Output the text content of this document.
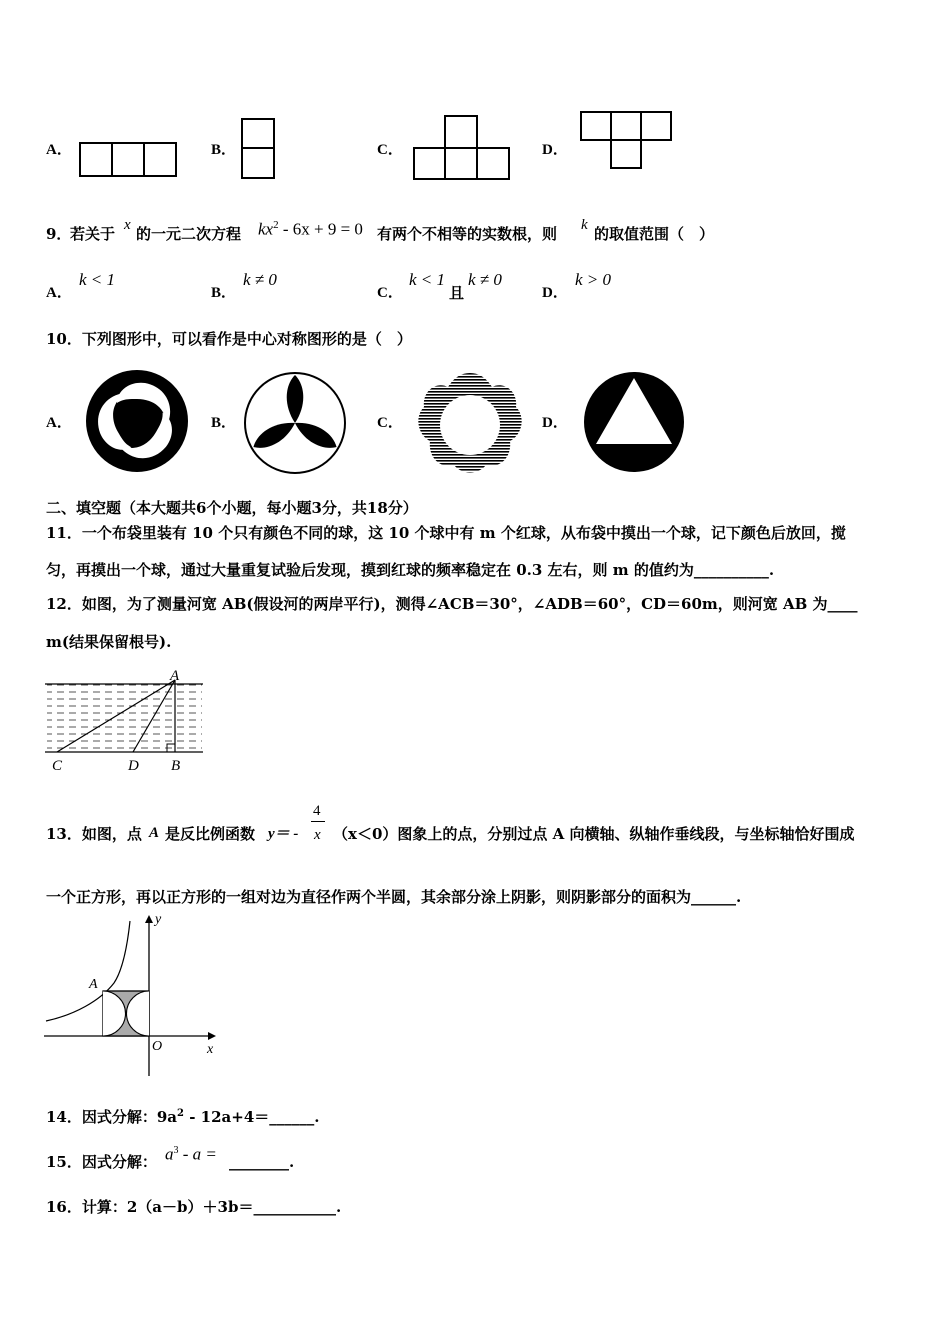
A．	B．	C．	D．
9．
若关于 x 的一元二次方程 $kx^2 - 6x + 9 = 0$ 有两个不相等的实数根，则 k 的取值范围（　）
A．
k < 1
B．
k ≠ 0
C．
k < 1
且
k ≠ 0
D．
k > 0
10．下列图形中，可以看作是中心对称图形的是（　）
A．	B．	C．	D．
二、填空题（本大题共6个小题，每小题3分，共18分）
11．一个布袋里装有 10 个只有颜色不同的球，这 10 个球中有 m 个红球，从布袋中摸出一个球，记下颜色后放回，搅
匀，再摸出一个球，通过大量重复试验后发现，摸到红球的频率稳定在 0.3 左右，则 m 的值约为__________.
12．如图，为了测量河宽 AB(假设河的两岸平行)，测得∠ACB＝30°，∠ADB＝60°，CD＝60m，则河宽 AB 为____
m(结果保留根号).
A
C	D B
13．如图，点 A 是反比例函数 y＝ -
4
x （x＜0）图象上的点，分别过点 A 向横轴、纵轴作垂线段，与坐标轴恰好围成
一个正方形，再以正方形的一组对边为直径作两个半圆，其余部分涂上阴影，则阴影部分的面积为______.
A
O	x
y
14．因式分解：$9a^2$ - 12a+4＝______.
15．因式分解： $a^3$ - a = ________.
16．计算：2（a－b）＋3b＝___________.
